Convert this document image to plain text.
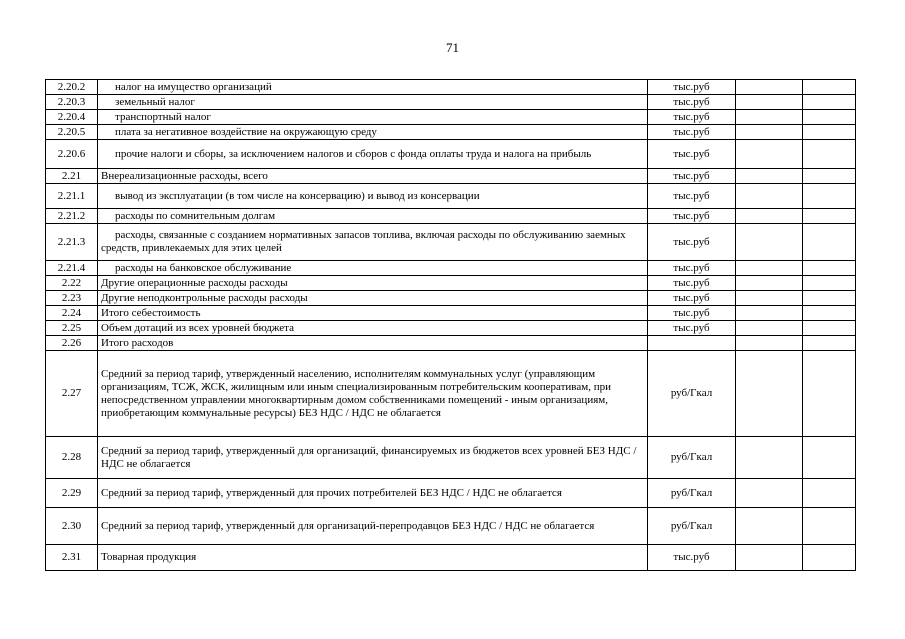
71
2.20.2	налог на имущество организаций	тыс.руб		
2.20.3	земельный налог	тыс.руб		
2.20.4	транспортный налог	тыс.руб		
2.20.5	плата за негативное воздействие на окружающую среду	тыс.руб		
2.20.6	прочие налоги и сборы, за исключением налогов и сборов с фонда оплаты труда и налога на прибыль	тыс.руб		
2.21	Внереализационные расходы, всего	тыс.руб		
2.21.1	вывод из эксплуатации (в том числе на консервацию) и вывод из консервации	тыс.руб		
2.21.2	расходы по сомнительным долгам	тыс.руб		
2.21.3	расходы, связанные с созданием нормативных запасов топлива, включая расходы по обслуживанию заемных средств, привлекаемых для этих целей	тыс.руб		
2.21.4	расходы на банковское обслуживание	тыс.руб		
2.22	Другие операционные расходы расходы	тыс.руб		
2.23	Другие неподконтрольные расходы расходы	тыс.руб		
2.24	Итого себестоимость	тыс.руб		
2.25	Объем дотаций из всех уровней бюджета	тыс.руб		
2.26	Итого расходов			
2.27	Средний за период тариф, утвержденный населению, исполнителям коммунальных услуг (управляющим организациям, ТСЖ, ЖСК, жилищным или иным специализированным потребительским кооперативам, при непосредственном управлении многоквартирным домом собственниками помещений - иным организациям, приобретающим коммунальные ресурсы) БЕЗ НДС / НДС не облагается	руб/Гкал		
2.28	Средний за период тариф, утвержденный для организаций, финансируемых из бюджетов всех уровней БЕЗ НДС / НДС не облагается	руб/Гкал		
2.29	Средний за период тариф, утвержденный для прочих потребителей БЕЗ НДС / НДС не облагается	руб/Гкал		
2.30	Средний за период тариф, утвержденный для организаций-перепродавцов БЕЗ НДС / НДС не облагается	руб/Гкал		
2.31	Товарная продукция	тыс.руб		
